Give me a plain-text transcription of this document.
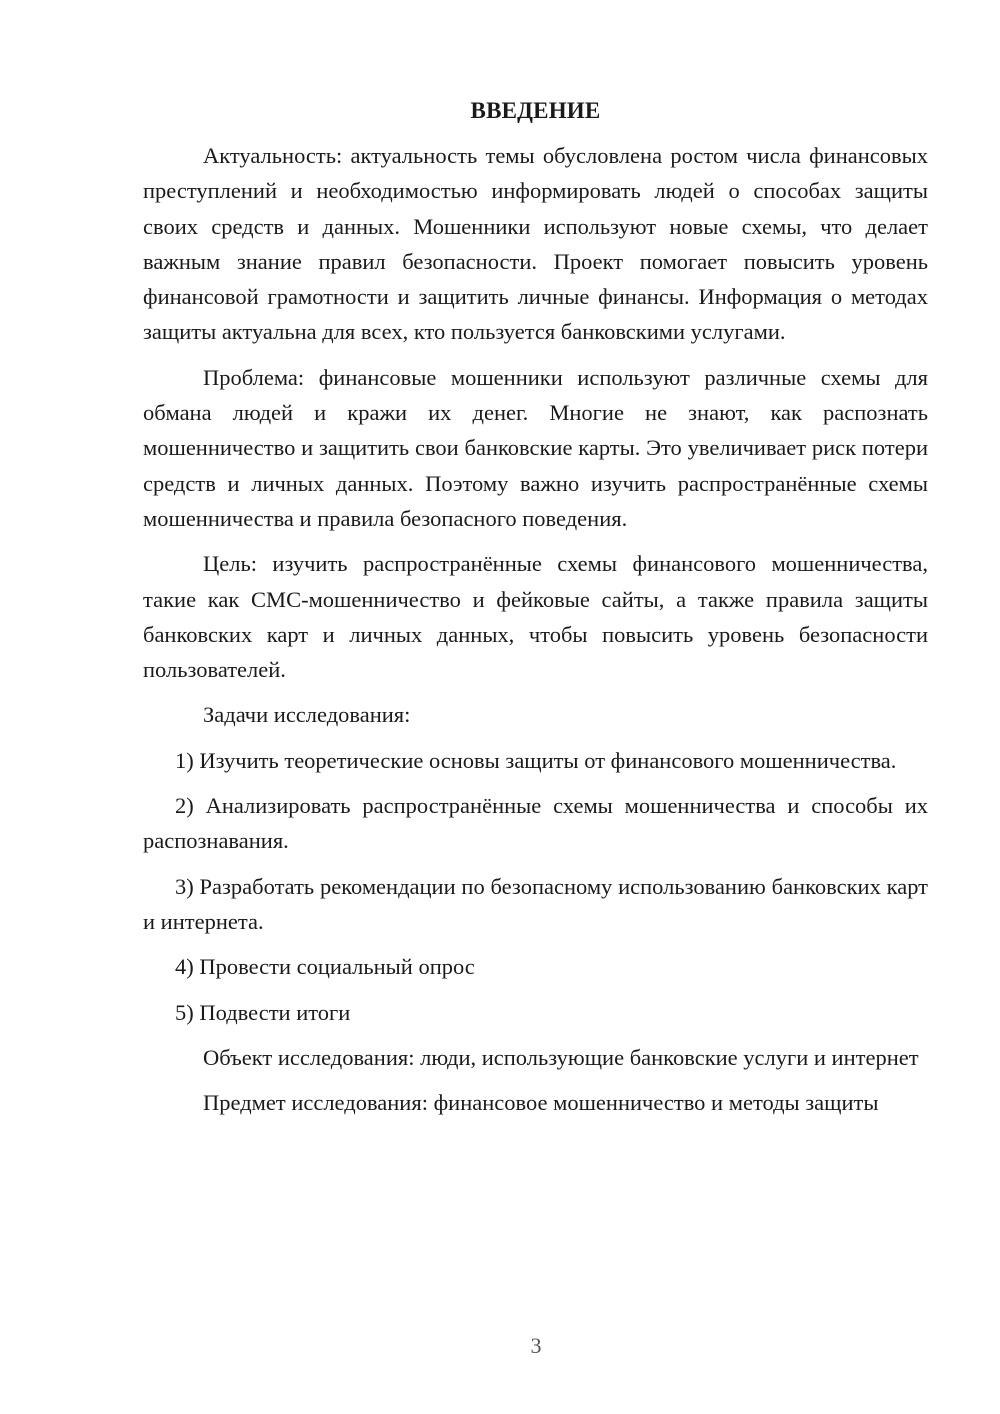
ВВЕДЕНИЕ

Актуальность: актуальность темы обусловлена ростом числа финансовых преступлений и необходимостью информировать людей о способах защиты своих средств и данных. Мошенники используют новые схемы, что делает важным знание правил безопасности. Проект помогает повысить уровень финансовой грамотности и защитить личные финансы. Информация о методах защиты актуальна для всех, кто пользуется банковскими услугами.

Проблема: финансовые мошенники используют различные схемы для обмана людей и кражи их денег. Многие не знают, как распознать мошенничество и защитить свои банковские карты. Это увеличивает риск потери средств и личных данных. Поэтому важно изучить распространённые схемы мошенничества и правила безопасного поведения.

Цель: изучить распространённые схемы финансового мошенничества, такие как СМС-мошенничество и фейковые сайты, а также правила защиты банковских карт и личных данных, чтобы повысить уровень безопасности пользователей.

Задачи исследования:

1) Изучить теоретические основы защиты от финансового мошенничества.

2) Анализировать распространённые схемы мошенничества и способы их распознавания.

3) Разработать рекомендации по безопасному использованию банковских карт и интернета.

4) Провести социальный опрос

5) Подвести итоги

Объект исследования: люди, использующие банковские услуги и интернет

Предмет исследования: финансовое мошенничество и методы защиты

3
